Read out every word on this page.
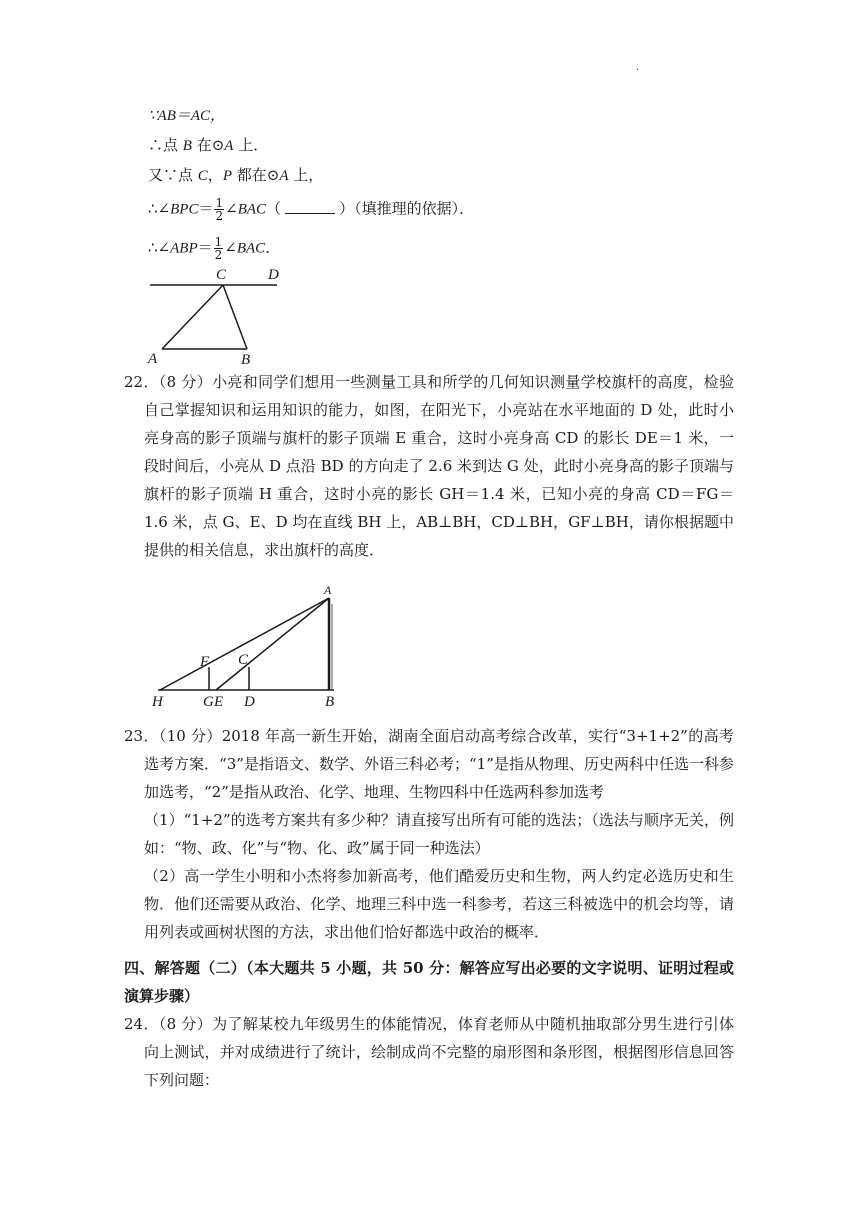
.
∵AB＝AC，
∴点 B 在⊙A 上．
又∵点 C，P 都在⊙A 上，
∴∠BPC＝ $\frac{1}{2}$ ∠BAC（	）（填推理的依据）．
∴∠ABP＝ $\frac{1}{2}$ ∠BAC．
C	D
A	B
22．（8 分）小亮和同学们想用一些测量工具和所学的几何知识测量学校旗杆的高度，检验自己掌握知识和运用知识的能力，如图，在阳光下，小亮站在水平地面的 D 处，此时小亮身高的影子顶端与旗杆的影子顶端 E 重合，这时小亮身高 CD 的影长 DE＝1 米，一段时间后，小亮从 D 点沿 BD 的方向走了 2.6 米到达 G 处，此时小亮身高的影子顶端与旗杆的影子顶端 H 重合，这时小亮的影长 GH＝1.4 米，已知小亮的身高 CD＝FG＝1.6 米，点 G、E、D 均在直线 BH 上，AB⊥BH，CD⊥BH，GF⊥BH，请你根据题中提供的相关信息，求出旗杆的高度．
A
F C
H	G E D	B
23．（10 分）2018 年高一新生开始，湖南全面启动高考综合改革，实行“3+1+2”的高考选考方案．“3”是指语文、数学、外语三科必考；“1”是指从物理、历史两科中任选一科参加选考，“2”是指从政治、化学、地理、生物四科中任选两科参加选考
（1）“1+2”的选考方案共有多少种？请直接写出所有可能的选法；（选法与顺序无关，例如：“物、政、化”与“物、化、政”属于同一种选法）
（2）高一学生小明和小杰将参加新高考，他们酷爱历史和生物，两人约定必选历史和生物．他们还需要从政治、化学、地理三科中选一科参考，若这三科被选中的机会均等，请用列表或画树状图的方法，求出他们恰好都选中政治的概率．
四、解答题（二）（本大题共 5 小题，共 50 分：解答应写出必要的文字说明、证明过程或演算步骤）
24．（8 分）为了解某校九年级男生的体能情况，体育老师从中随机抽取部分男生进行引体向上测试，并对成绩进行了统计，绘制成尚不完整的扇形图和条形图，根据图形信息回答下列问题：
